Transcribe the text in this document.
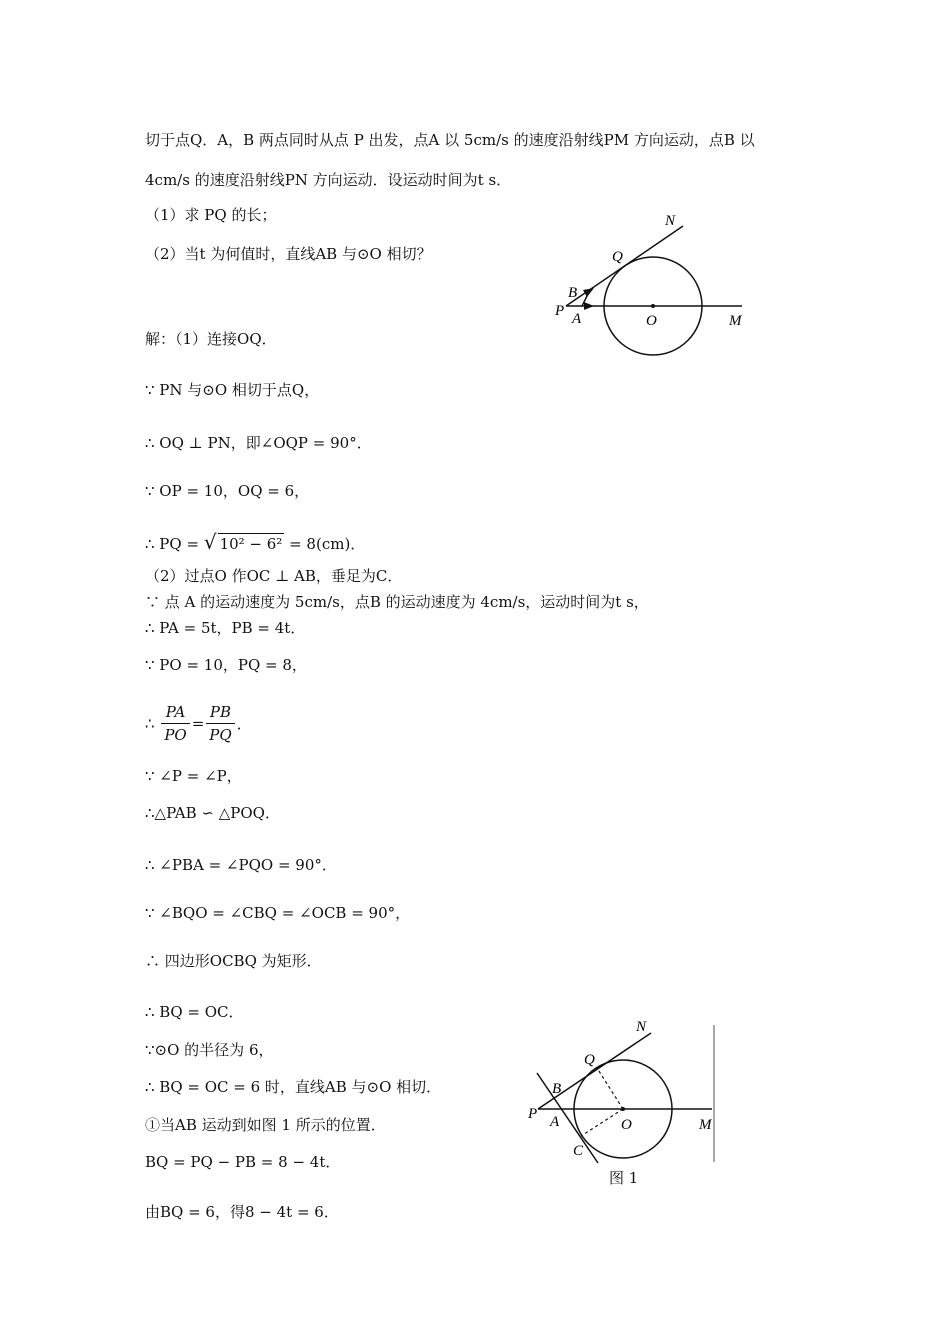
切于点Q．A，B 两点同时从点 P 出发，点A 以 5cm/s 的速度沿射线PM 方向运动，点B 以
4cm/s 的速度沿射线PN 方向运动．设运动时间为t s．
（1）求 PQ 的长；
（2）当t 为何值时，直线AB 与⊙O 相切？
N
Q
B
P A	O	M
解：（1）连接OQ．
∵ PN 与⊙O 相切于点Q，
∴ OQ ⊥ PN，即∠OQP = 90°．
∵ OP = 10，OQ = 6，
∴ PQ = √ 10² − 6² = 8(cm)．
（2）过点O 作OC ⊥ AB，垂足为C．
∵ 点 A 的运动速度为 5cm/s，点B 的运动速度为 4cm/s，运动时间为t s，
∴ PA = 5t，PB = 4t．
∵ PO = 10，PQ = 8，
∴ $\frac{PA}{PO} = \frac{PB}{PQ}$ ．
∵ ∠P = ∠P，
∴△PAB ∽ △POQ．
∴ ∠PBA = ∠PQO = 90°．
∵ ∠BQO = ∠CBQ = ∠OCB = 90°，
∴ 四边形OCBQ 为矩形．
∴ BQ = OC．
∵⊙O 的半径为 6，
∴ BQ = OC = 6 时，直线AB 与⊙O 相切．
①当AB 运动到如图 1 所示的位置．
BQ = PQ − PB = 8 − 4t．
由BQ = 6，得8 − 4t = 6．
N
Q
B
P A	O	M
C
图 1
